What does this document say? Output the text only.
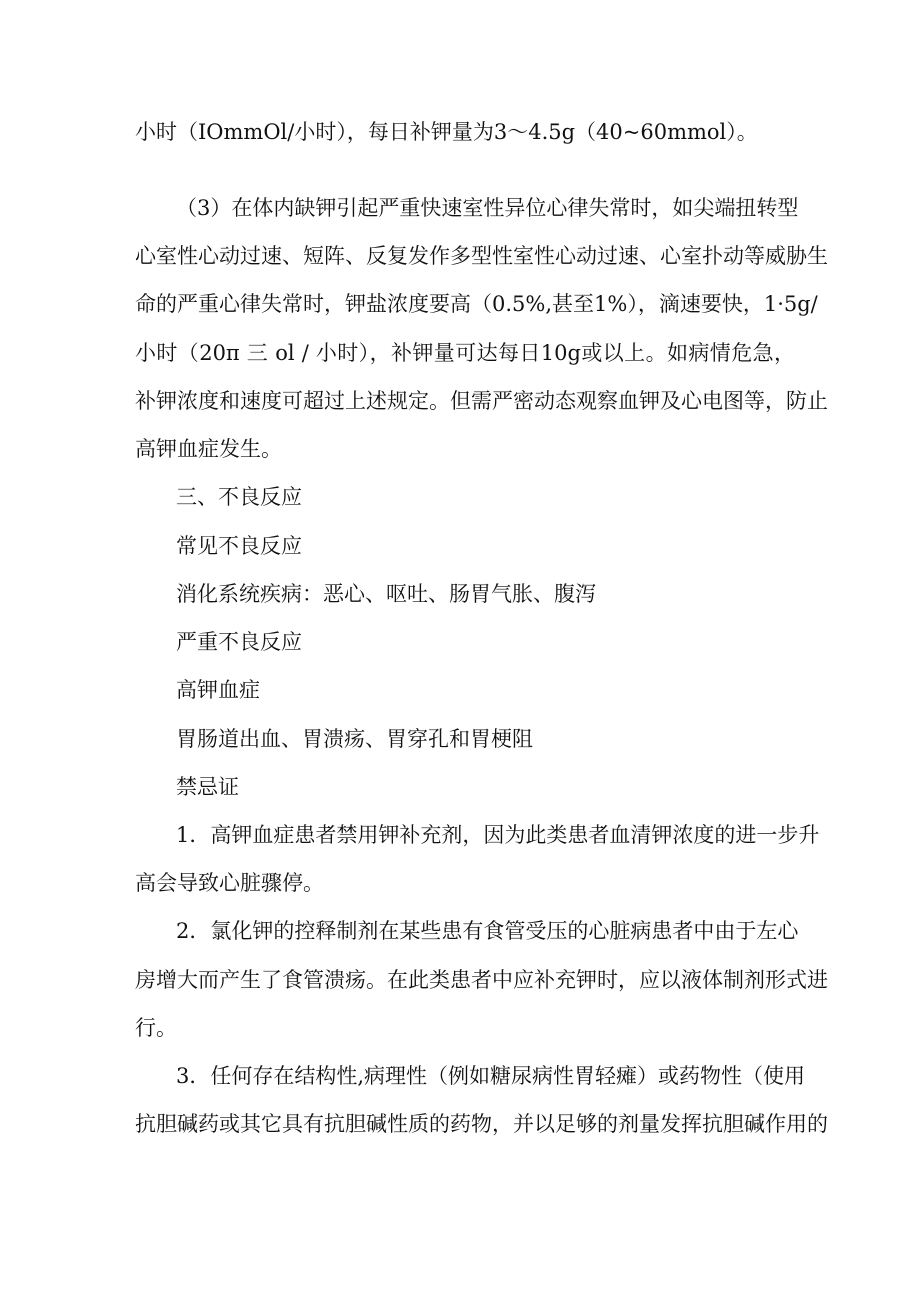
小时（IOmmOl/小时），每日补钾量为3～4.5g（40~60mmol）。
（3）在体内缺钾引起严重快速室性异位心律失常时，如尖端扭转型
心室性心动过速、短阵、反复发作多型性室性心动过速、心室扑动等威胁生
命的严重心律失常时，钾盐浓度要高（0.5%,甚至1%），滴速要快，1·5g/
小时（20π 三 ol / 小时），补钾量可达每日10g或以上。如病情危急，
补钾浓度和速度可超过上述规定。但需严密动态观察血钾及心电图等，防止
高钾血症发生。
三、不良反应
常见不良反应
消化系统疾病：恶心、呕吐、肠胃气胀、腹泻
严重不良反应
高钾血症
胃肠道出血、胃溃疡、胃穿孔和胃梗阻
禁忌证
1．高钾血症患者禁用钾补充剂，因为此类患者血清钾浓度的进一步升
高会导致心脏骤停。
2．氯化钾的控释制剂在某些患有食管受压的心脏病患者中由于左心
房增大而产生了食管溃疡。在此类患者中应补充钾时，应以液体制剂形式进
行。
3．任何存在结构性,病理性（例如糖尿病性胃轻瘫）或药物性（使用
抗胆碱药或其它具有抗胆碱性质的药物，并以足够的剂量发挥抗胆碱作用的
